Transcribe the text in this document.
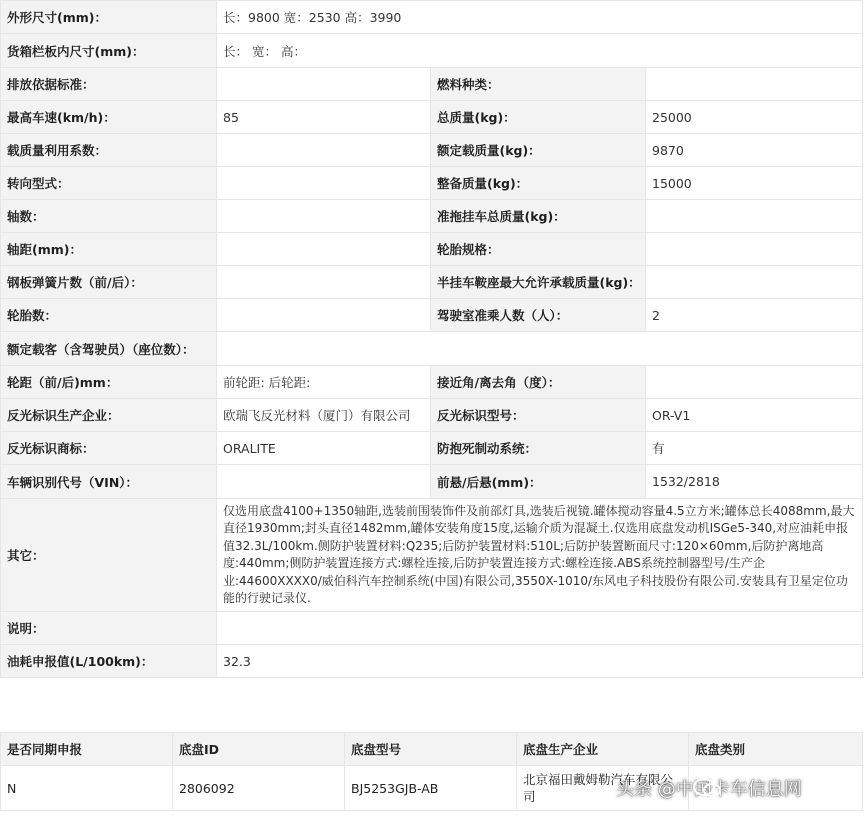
外形尺寸(mm)：	长：9800 宽：2530 高：3990		
货箱栏板内尺寸(mm)：	长： 宽： 高：		
排放依据标准：		燃料种类：	
最高车速(km/h)：	85	总质量(kg)：	25000
载质量利用系数：		额定载质量(kg)：	9870
转向型式：		整备质量(kg)：	15000
轴数：		准拖挂车总质量(kg)：	
轴距(mm)：		轮胎规格：	
钢板弹簧片数（前/后）：		半挂车鞍座最大允许承载质量(kg)：	
轮胎数：		驾驶室准乘人数（人）：	2
额定载客（含驾驶员）（座位数）：			
轮距（前/后)mm：	前轮距: 后轮距:	接近角/离去角（度）：	
反光标识生产企业：	欧瑞飞反光材料（厦门）有限公司	反光标识型号：	OR-V1
反光标识商标：	ORALITE	防抱死制动系统：	有
车辆识别代号（VIN）：		前悬/后悬(mm)：	1532/2818
其它：	仅选用底盘4100+1350轴距,选装前围装饰件及前部灯具,选装后视镜.罐体搅动容量4.5立方米;罐体总长4088mm,最大直径1930mm;封头直径1482mm,罐体安装角度15度,运输介质为混凝土.仅选用底盘发动机ISGe5-340,对应油耗申报值32.3L/100km.侧防护装置材料:Q235;后防护装置材料:510L;后防护装置断面尺寸:120×60mm,后防护离地高度:440mm;侧防护装置连接方式:螺栓连接,后防护装置连接方式:螺栓连接.ABS系统控制器型号/生产企业:44600XXXX0/威伯科汽车控制系统(中国)有限公司,3550X-1010/东风电子科技股份有限公司.安装具有卫星定位功能的行驶记录仪.		
说明：			
油耗申报值(L/100km)：	32.3		
是否同期申报	底盘ID	底盘型号	底盘生产企业	底盘类别
N	2806092	BJ5253GJB-AB	北京福田戴姆勒汽车有限公司		头条 @中国卡车信息网
